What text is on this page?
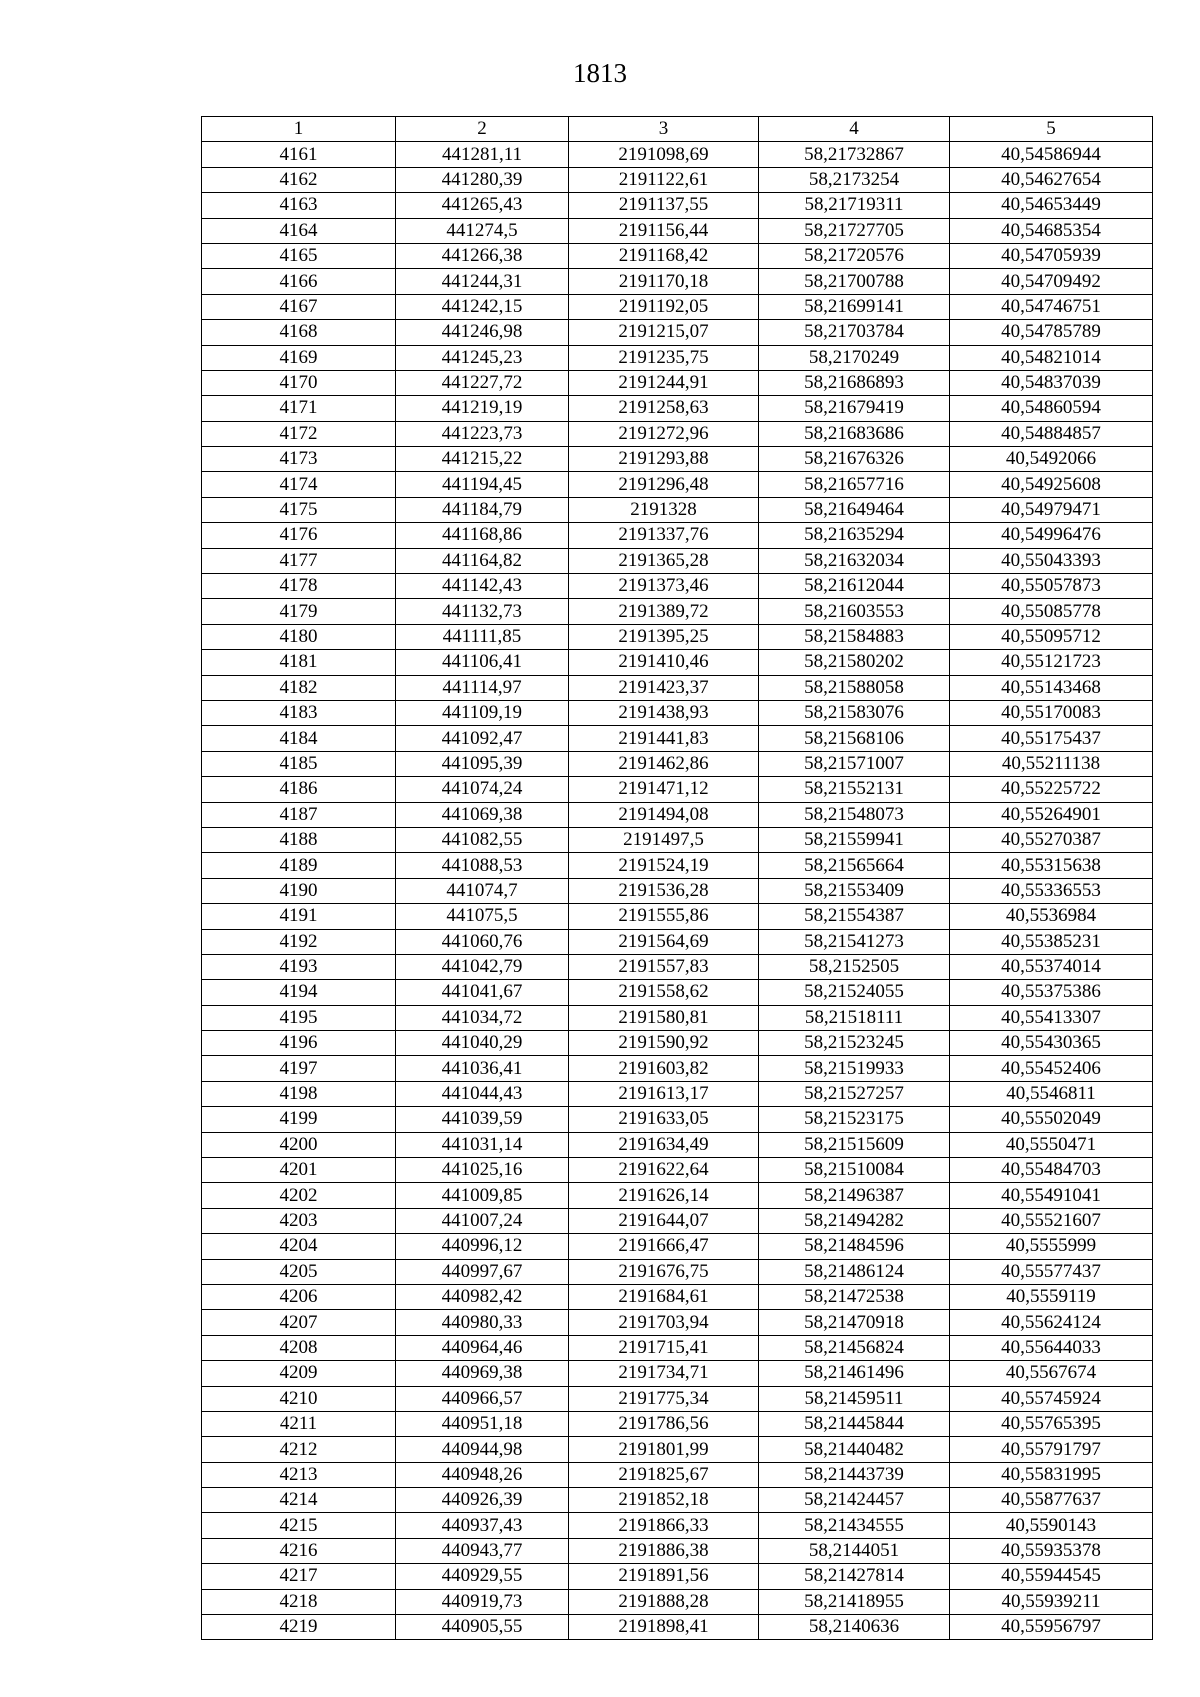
1813
1	2	3	4	5
4161	441281,11	2191098,69	58,21732867	40,54586944
4162	441280,39	2191122,61	58,2173254	40,54627654
4163	441265,43	2191137,55	58,21719311	40,54653449
4164	441274,5	2191156,44	58,21727705	40,54685354
4165	441266,38	2191168,42	58,21720576	40,54705939
4166	441244,31	2191170,18	58,21700788	40,54709492
4167	441242,15	2191192,05	58,21699141	40,54746751
4168	441246,98	2191215,07	58,21703784	40,54785789
4169	441245,23	2191235,75	58,2170249	40,54821014
4170	441227,72	2191244,91	58,21686893	40,54837039
4171	441219,19	2191258,63	58,21679419	40,54860594
4172	441223,73	2191272,96	58,21683686	40,54884857
4173	441215,22	2191293,88	58,21676326	40,5492066
4174	441194,45	2191296,48	58,21657716	40,54925608
4175	441184,79	2191328	58,21649464	40,54979471
4176	441168,86	2191337,76	58,21635294	40,54996476
4177	441164,82	2191365,28	58,21632034	40,55043393
4178	441142,43	2191373,46	58,21612044	40,55057873
4179	441132,73	2191389,72	58,21603553	40,55085778
4180	441111,85	2191395,25	58,21584883	40,55095712
4181	441106,41	2191410,46	58,21580202	40,55121723
4182	441114,97	2191423,37	58,21588058	40,55143468
4183	441109,19	2191438,93	58,21583076	40,55170083
4184	441092,47	2191441,83	58,21568106	40,55175437
4185	441095,39	2191462,86	58,21571007	40,55211138
4186	441074,24	2191471,12	58,21552131	40,55225722
4187	441069,38	2191494,08	58,21548073	40,55264901
4188	441082,55	2191497,5	58,21559941	40,55270387
4189	441088,53	2191524,19	58,21565664	40,55315638
4190	441074,7	2191536,28	58,21553409	40,55336553
4191	441075,5	2191555,86	58,21554387	40,5536984
4192	441060,76	2191564,69	58,21541273	40,55385231
4193	441042,79	2191557,83	58,2152505	40,55374014
4194	441041,67	2191558,62	58,21524055	40,55375386
4195	441034,72	2191580,81	58,21518111	40,55413307
4196	441040,29	2191590,92	58,21523245	40,55430365
4197	441036,41	2191603,82	58,21519933	40,55452406
4198	441044,43	2191613,17	58,21527257	40,5546811
4199	441039,59	2191633,05	58,21523175	40,55502049
4200	441031,14	2191634,49	58,21515609	40,5550471
4201	441025,16	2191622,64	58,21510084	40,55484703
4202	441009,85	2191626,14	58,21496387	40,55491041
4203	441007,24	2191644,07	58,21494282	40,55521607
4204	440996,12	2191666,47	58,21484596	40,5555999
4205	440997,67	2191676,75	58,21486124	40,55577437
4206	440982,42	2191684,61	58,21472538	40,5559119
4207	440980,33	2191703,94	58,21470918	40,55624124
4208	440964,46	2191715,41	58,21456824	40,55644033
4209	440969,38	2191734,71	58,21461496	40,5567674
4210	440966,57	2191775,34	58,21459511	40,55745924
4211	440951,18	2191786,56	58,21445844	40,55765395
4212	440944,98	2191801,99	58,21440482	40,55791797
4213	440948,26	2191825,67	58,21443739	40,55831995
4214	440926,39	2191852,18	58,21424457	40,55877637
4215	440937,43	2191866,33	58,21434555	40,5590143
4216	440943,77	2191886,38	58,2144051	40,55935378
4217	440929,55	2191891,56	58,21427814	40,55944545
4218	440919,73	2191888,28	58,21418955	40,55939211
4219	440905,55	2191898,41	58,2140636	40,55956797
